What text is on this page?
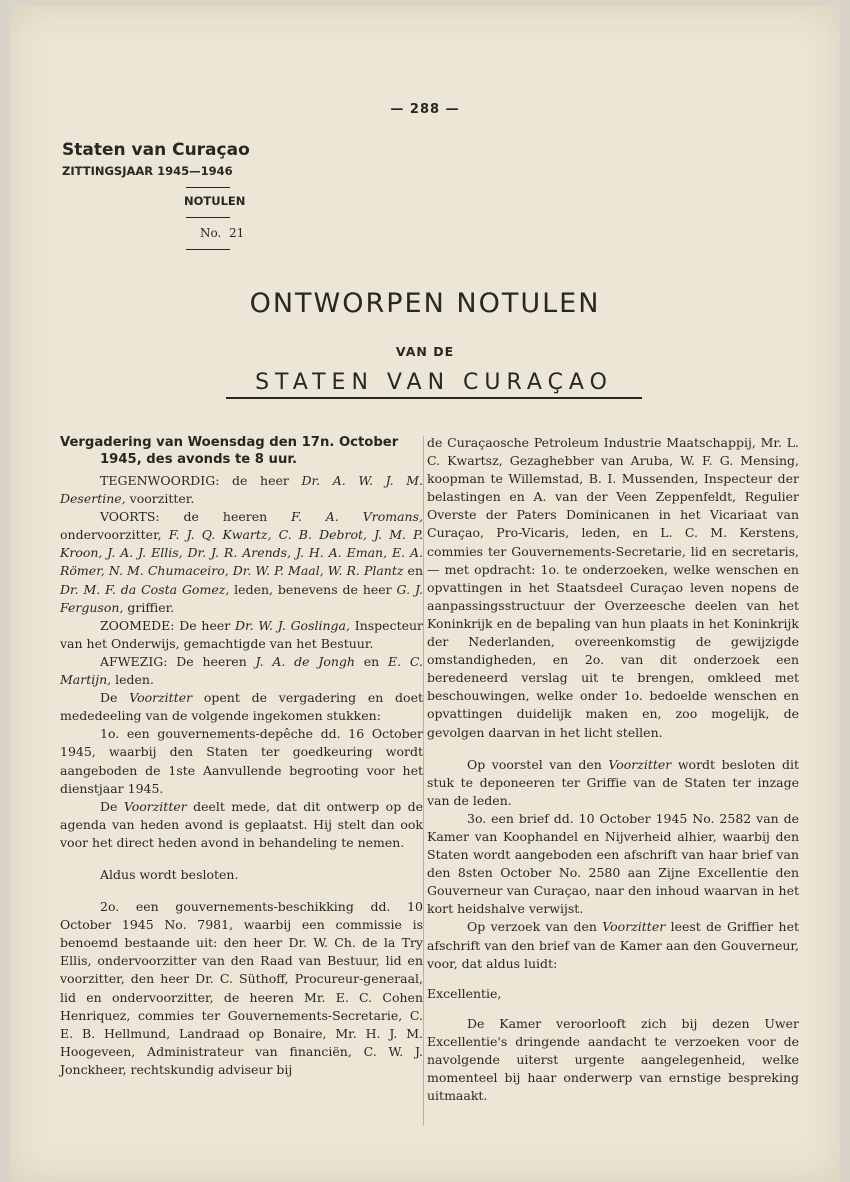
— 288 —

Staten van Curaçao

ZITTINGSJAAR 1945—1946
NOTULEN
No. 21
ONTWORPEN NOTULEN
VAN DE
STATEN VAN CURAÇAO

Vergadering van Woensdag den 17n. October
1945, des avonds te 8 uur.

TEGENWOORDIG: de heer Dr. A. W. J. M. Desertine, voorzitter.

VOORTS: de heeren F. A. Vromans, ondervoorzitter, F. J. Q. Kwartz, C. B. Debrot, J. M. P. Kroon, J. A. J. Ellis, Dr. J. R. Arends, J. H. A. Eman, E. A. Römer, N. M. Chumaceiro, Dr. W. P. Maal, W. R. Plantz en Dr. M. F. da Costa Gomez, leden, benevens de heer G. J. Ferguson, griffier.

ZOOMEDE: De heer Dr. W. J. Goslinga, Inspecteur van het Onderwijs, gemachtigde van het Bestuur.

AFWEZIG: De heeren J. A. de Jongh en E. C. Martijn, leden.

De Voorzitter opent de vergadering en doet mededeeling van de volgende ingekomen stukken:

1o. een gouvernements-depêche dd. 16 October 1945, waarbij den Staten ter goedkeuring wordt aangeboden de 1ste Aanvullende begrooting voor het dienstjaar 1945.

De Voorzitter deelt mede, dat dit ontwerp op de agenda van heden avond is geplaatst. Hij stelt dan ook voor het direct heden avond in behandeling te nemen.

Aldus wordt besloten.

2o. een gouvernements-beschikking dd. 10 October 1945 No. 7981, waarbij een commissie is benoemd bestaande uit: den heer Dr. W. Ch. de la Try Ellis, ondervoorzitter van den Raad van Bestuur, lid en voorzitter, den heer Dr. C. Süthoff, Procureur-generaal, lid en ondervoorzitter, de heeren Mr. E. C. Cohen Henriquez, commies ter Gouvernements-Secretarie, C. E. B. Hellmund, Landraad op Bonaire, Mr. H. J. M. Hoogeveen, Administrateur van financiën, C. W. J. Jonckheer, rechtskundig adviseur bij

de Curaçaosche Petroleum Industrie Maatschappij, Mr. L. C. Kwartsz, Gezaghebber van Aruba, W. F. G. Mensing, koopman te Willemstad, B. I. Mussenden, Inspecteur der belastingen en A. van der Veen Zeppenfeldt, Regulier Overste der Paters Dominicanen in het Vicariaat van Curaçao, Pro-Vicaris, leden, en L. C. M. Kerstens, commies ter Gouvernements-Secretarie, lid en secretaris, — met opdracht: 1o. te onderzoeken, welke wenschen en opvattingen in het Staatsdeel Curaçao leven nopens de aanpassingsstructuur der Overzeesche deelen van het Koninkrijk en de bepaling van hun plaats in het Koninkrijk der Nederlanden, overeenkomstig de gewijzigde omstandigheden, en 2o. van dit onderzoek een beredeneerd verslag uit te brengen, omkleed met beschouwingen, welke onder 1o. bedoelde wenschen en opvattingen duidelijk maken en, zoo mogelijk, de gevolgen daarvan in het licht stellen.

Op voorstel van den Voorzitter wordt besloten dit stuk te deponeeren ter Griffie van de Staten ter inzage van de leden.

3o. een brief dd. 10 October 1945 No. 2582 van de Kamer van Koophandel en Nijverheid alhier, waarbij den Staten wordt aangeboden een afschrift van haar brief van den 8sten October No. 2580 aan Zijne Excellentie den Gouverneur van Curaçao, naar den inhoud waarvan in het kort heidshalve verwijst.

Op verzoek van den Voorzitter leest de Griffier het afschrift van den brief van de Kamer aan den Gouverneur, voor, dat aldus luidt:

Excellentie,

De Kamer veroorlooft zich bij dezen Uwer Excellentie's dringende aandacht te verzoeken voor de navolgende uiterst urgente aangelegenheid, welke momenteel bij haar onderwerp van ernstige bespreking uitmaakt.
